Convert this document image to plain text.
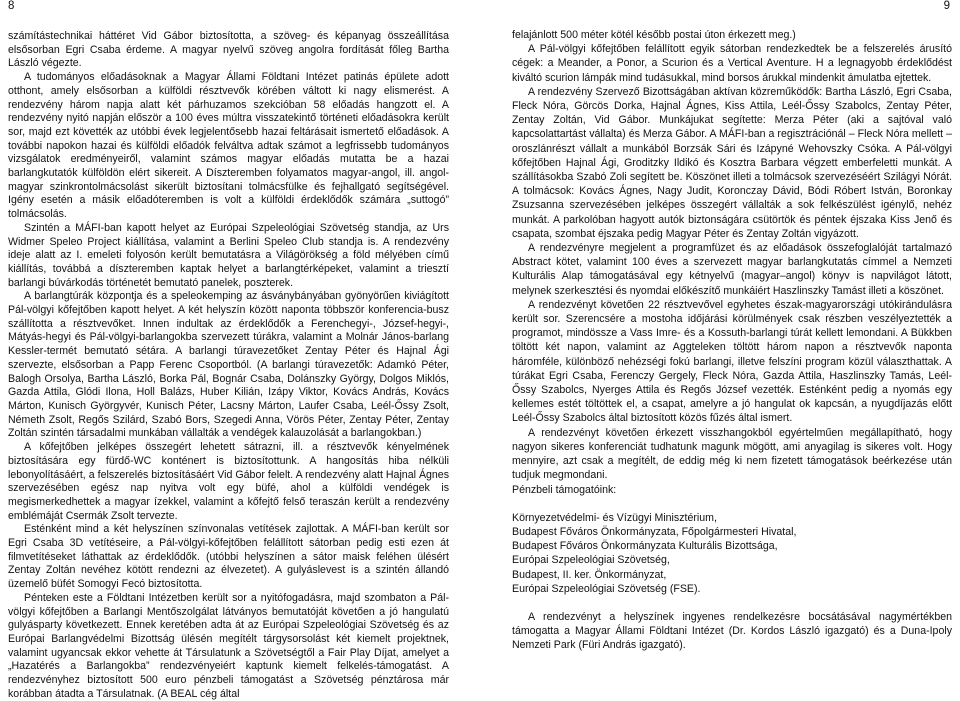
8	9

számítástechnikai háttéret Vid Gábor biztosította, a szöveg- és képanyag összeállítása elsősorban Egri Csaba érdeme. A magyar nyelvű szöveg angolra fordítását főleg Bartha László végezte.

A tudományos előadásoknak a Magyar Állami Földtani Intézet patinás épülete adott otthont, amely elsősorban a külföldi résztvevők körében váltott ki nagy elismerést. A rendezvény három napja alatt két párhuzamos szekcióban 58 előadás hangzott el. A rendezvény nyitó napján először a 100 éves múltra visszatekintő történeti előadásokra került sor, majd ezt követték az utóbbi évek legjelentősebb hazai feltárásait ismertető előadások. A további napokon hazai és külföldi előadók felváltva adtak számot a legfrissebb tudományos vizsgálatok eredményeiről, valamint számos magyar előadás mutatta be a hazai barlangkutatók külföldön elért sikereit. A Díszteremben folyamatos magyar-angol, ill. angol-magyar szinkrontolmácsolást sikerült biztosítani tolmácsfülke és fejhallgató segítségével. Igény esetén a másik előadóteremben is volt a külföldi érdeklődők számára „suttogó” tolmácsolás.

Szintén a MÁFI-ban kapott helyet az Európai Szpeleológiai Szövetség standja, az Urs Widmer Speleo Project kiállítása, valamint a Berlini Speleo Club standja is. A rendezvény ideje alatt az I. emeleti folyosón került bemutatásra a Világörökség a föld mélyében című kiállítás, továbbá a díszteremben kaptak helyet a barlangtérképeket, valamint a triesztí barlangi búvárkodás történetét bemutató panelek, poszterek.

A barlangtúrák központja és a speleokemping az ásványbányában gyönyörűen kiviágított Pál-völgyi kőfejtőben kapott helyet. A két helyszín között naponta többször konferencia-busz szállította a résztvevőket. Innen indultak az érdeklődők a Ferenchegyi-, József-hegyi-, Mátyás-hegyi és Pál-völgyi-barlangokba szervezett túrákra, valamint a Molnár János-barlang Kessler-termét bemutató sétára. A barlangi túravezetőket Zentay Péter és Hajnal Ági szervezte, elsősorban a Papp Ferenc Csoportból. (A barlangi túravezetők: Adamkó Péter, Balogh Orsolya, Bartha László, Borka Pál, Bognár Csaba, Dolánszky György, Dolgos Miklós, Gazda Attila, Glódi Ilona, Holl Balázs, Huber Kilián, Izápy Viktor, Kovács András, Kovács Márton, Kunisch Györgyvér, Kunisch Péter, Lacsny Márton, Laufer Csaba, Leél-Őssy Zsolt, Németh Zsolt, Regős Szilárd, Szabó Bors, Szegedi Anna, Vörös Péter, Zentay Péter, Zentay Zoltán szintén társadalmi munkában vállalták a vendégek kalauzolását a barlangokban.)

A kőfejtőben jelképes összegért lehetett sátrazni, ill. a résztvevők kényelmének biztosítására egy fürdő-WC konténert is biztosítottunk. A hangosítás hiba nélküli lebonyolításáért, a felszerelés biztosításáért Vid Gábor felelt. A rendezvény alatt Hajnal Ágnes szervezésében egész nap nyitva volt egy büfé, ahol a külföldi vendégek is megismerkedhettek a magyar ízekkel, valamint a kőfejtő felső teraszán került a rendezvény emblémáját Csermák Zsolt tervezte.

Esténként mind a két helyszínen színvonalas vetítések zajlottak. A MÁFI-ban került sor Egri Csaba 3D vetítéseire, a Pál-völgyi-kőfejtőben felállított sátorban pedig esti ezen át filmvetítéseket láthattak az érdeklődők. (utóbbi helyszínen a sátor maisk feléhen ülésért Zentay Zoltán nevéhez kötött rendezni az élvezetet). A gulyáslevest is a szintén állandó üzemelő büfét Somogyi Fecó biztosította.

Pénteken este a Földtani Intézetben került sor a nyitófogadásra, majd szombaton a Pál-völgyi kőfejtőben a Barlangi Mentőszolgálat látványos bemutatóját követően a jó hangulatú gulyásparty következett. Ennek keretében adta át az Európai Szpeleológiai Szövetség és az Európai Barlangvédelmi Bizottság ülésén megítélt tárgysorsolást két kiemelt projektnek, valamint ugyancsak ekkor vehette át Társulatunk a Szövetségtől a Fair Play Díjat, amelyet a „Hazatérés a Barlangokba” rendezvényeiért kaptunk kiemelt felkelés-támogatást. A rendezvényhez biztosított 500 euro pénzbeli támogatást a Szövetség pénztárosa már korábban átadta a Társulatnak. (A BEAL cég által

felajánlott 500 méter kötél később postai úton érkezett meg.)

A Pál-völgyi kőfejtőben felállított egyik sátorban rendezkedtek be a felszerelés árusító cégek: a Meander, a Ponor, a Scurion és a Vertical Aventure. H a legnagyobb érdeklődést kiváltó scurion lámpák mind tudásukkal, mind borsos árukkal mindenkit ámulatba ejtettek.

A rendezvény Szervező Bizottságában aktívan közreműködők: Bartha László, Egri Csaba, Fleck Nóra, Görcös Dorka, Hajnal Ágnes, Kiss Attila, Leél-Őssy Szabolcs, Zentay Péter, Zentay Zoltán, Vid Gábor. Munkájukat segítette: Merza Péter (aki a sajtóval való kapcsolattartást vállalta) és Merza Gábor. A MÁFI-ban a regisztrációnál – Fleck Nóra mellett – oroszlánrészt vállalt a munkából Borzsák Sári és Izápyné Wehovszky Csóka. A Pál-völgyi kőfejtőben Hajnal Ági, Groditzky Ildikó és Kosztra Barbara végzett emberfeletti munkát. A szállításokba Szabó Zoli segített be. Köszönet illeti a tolmácsok szervezéséért Szilágyi Nórát. A tolmácsok: Kovács Ágnes, Nagy Judit, Koronczay Dávid, Bódi Róbert István, Boronkay Zsuzsanna szervezésében jelképes összegért vállalták a sok felkészülést igénylő, nehéz munkát. A parkolóban hagyott autók biztonságára csütörtök és péntek éjszaka Kiss Jenő és csapata, szombat éjszaka pedig Magyar Péter és Zentay Zoltán vigyázott.

A rendezvényre megjelent a programfüzet és az előadások összefoglalóját tartalmazó Abstract kötet, valamint 100 éves a szervezett magyar barlangkutatás címmel a Nemzeti Kulturális Alap támogatásával egy kétnyelvű (magyar–angol) könyv is napvilágot látott, melynek szerkesztési és nyomdai előkészítő munkáiért Haszlinszky Tamást illeti a köszönet.

A rendezvényt követően 22 résztvevővel egyhetes észak-magyarországi utókirándulásra került sor. Szerencsére a mostoha időjárási körülmények csak részben veszélyeztették a programot, mindössze a Vass Imre- és a Kossuth-barlangi túrát kellett lemondani. A Bükkben töltött két napon, valamint az Aggteleken töltött három napon a résztvevők naponta háromféle, különböző nehézségi fokú barlangi, illetve felszíni program közül választhattak. A túrákat Egri Csaba, Ferenczy Gergely, Fleck Nóra, Gazda Attila, Haszlinszky Tamás, Leél-Őssy Szabolcs, Nyerges Attila és Regős József vezették. Esténként pedig a nyomás egy kellemes estét töltöttek el, a csapat, amelyre a jó hangulat ok kapcsán, a nyugdíjazás előtt Leél-Őssy Szabolcs által biztosított közös fűzés által ismert.

A rendezvényt követően érkezett visszhangokból egyértelműen megállapítható, hogy nagyon sikeres konferenciát tudhatunk magunk mögött, ami anyagilag is sikeres volt. Hogy mennyire, azt csak a megítélt, de eddig még ki nem fizetett támogatások beérkezése után tudjuk megmondani.

Pénzbeli támogatóink:

Környezetvédelmi- és Vízügyi Minisztérium,

Budapest Főváros Önkormányzata, Főpolgármesteri Hivatal,

Budapest Főváros Önkormányzata Kulturális Bizottsága,

Európai Szpeleológiai Szövetség,

Budapest, II. ker. Önkormányzat,

Európai Szpeleológiai Szövetség (FSE).

A rendezvényt a helyszínek ingyenes rendelkezésre bocsátásával nagymértékben támogatta a Magyar Állami Földtani Intézet (Dr. Kordos László igazgató) és a Duna-Ipoly Nemzeti Park (Füri András igazgató).
